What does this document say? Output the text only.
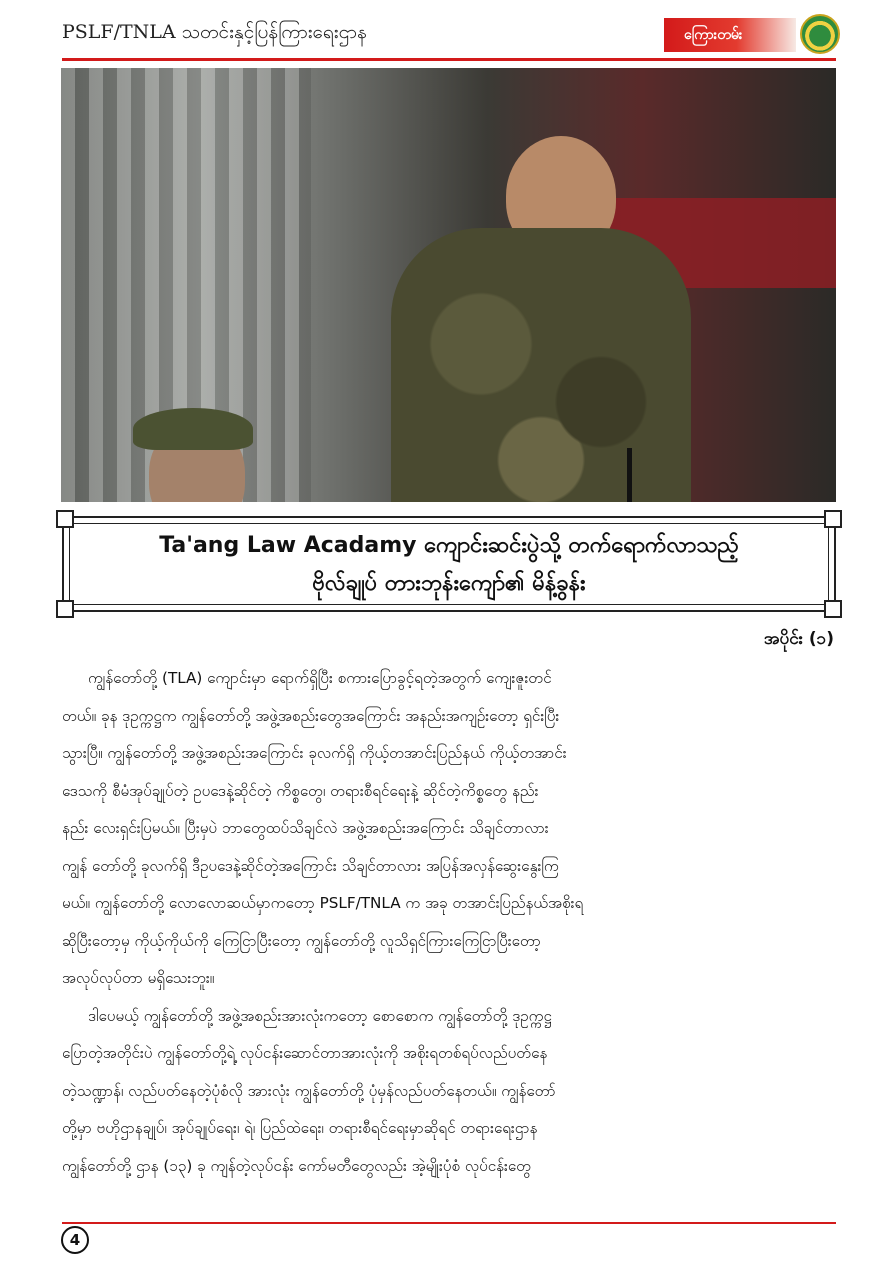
PSLF/TNLA သတင်းနှင့်ပြန်ကြားရေးဌာန	ကြေားတမ်း
Ta'ang Law Acadamy ကျောင်းဆင်းပွဲသို့ တက်ရောက်လာသည့်
ဗိုလ်ချုပ် တားဘုန်းကျော်၏ မိန့်ခွန်း
အပိုင်း (၁)
ကျွန်တော်တို့ (TLA) ကျောင်းမှာ ရောက်ရှိပြီး စကားပြောခွင့်ရတဲ့အတွက် ကျေးဇူးတင်
တယ်။ ခုန ဒုဥက္ကဋ္ဌက ကျွန်တော်တို့ အဖွဲ့အစည်းတွေအကြောင်း အနည်းအကျဉ်းတော့ ရှင်းပြီး
သွားပြီ။ ကျွန်တော်တို့ အဖွဲ့အစည်းအကြောင်း ခုလက်ရှိ ကိုယ့်တအာင်းပြည်နယ် ကိုယ့်တအာင်း
ဒေသကို စီမံအုပ်ချုပ်တဲ့ ဥပဒေနဲ့ဆိုင်တဲ့ ကိစ္စတွေ၊ တရားစီရင်ရေးနဲ့ ဆိုင်တဲ့ကိစ္စတွေ နည်း
နည်း လေးရှင်းပြမယ်။ ပြီးမှပဲ ဘာတွေထပ်သိချင်လဲ အဖွဲ့အစည်းအကြောင်း သိချင်တာလား
ကျွန် တော်တို့ ခုလက်ရှိ ဒီဥပဒေနဲ့ဆိုင်တဲ့အကြောင်း သိချင်တာလား အပြန်အလှန်ဆွေးနွေးကြ
မယ်။ ကျွန်တော်တို့ လောလောဆယ်မှာကတော့ PSLF/TNLA က အခု တအာင်းပြည်နယ်အစိုးရ
ဆိုပြီးတော့မှ ကိုယ့်ကိုယ်ကို ကြေငြာပြီးတော့ ကျွန်တော်တို့ လူသိရှင်ကြားကြေငြာပြီးတော့
အလုပ်လုပ်တာ မရှိသေးဘူး။
ဒါပေမယ့် ကျွန်တော်တို့ အဖွဲ့အစည်းအားလုံးကတော့ စောစောက ကျွန်တော်တို့ ဒုဥက္ကဋ္ဌ
ပြောတဲ့အတိုင်းပဲ ကျွန်တော်တို့ရဲ့ လုပ်ငန်းဆောင်တာအားလုံးကို အစိုးရတစ်ရပ်လည်ပတ်နေ
တဲ့သဏ္ဍာန်၊ လည်ပတ်နေတဲ့ပုံစံလို အားလုံး ကျွန်တော်တို့ ပုံမှန်လည်ပတ်နေတယ်။ ကျွန်တော်
တို့မှာ ဗဟိုဌာနချုပ်၊ အုပ်ချုပ်ရေး၊ ရဲ၊ ပြည်ထဲရေး၊ တရားစီရင်ရေးမှာဆိုရင် တရားရေးဌာန
ကျွန်တော်တို့ ဌာန (၁၃) ခု ကျန်တဲ့လုပ်ငန်း ကော်မတီတွေလည်း အဲ့မျိုးပုံစံ လုပ်ငန်းတွေ
4
